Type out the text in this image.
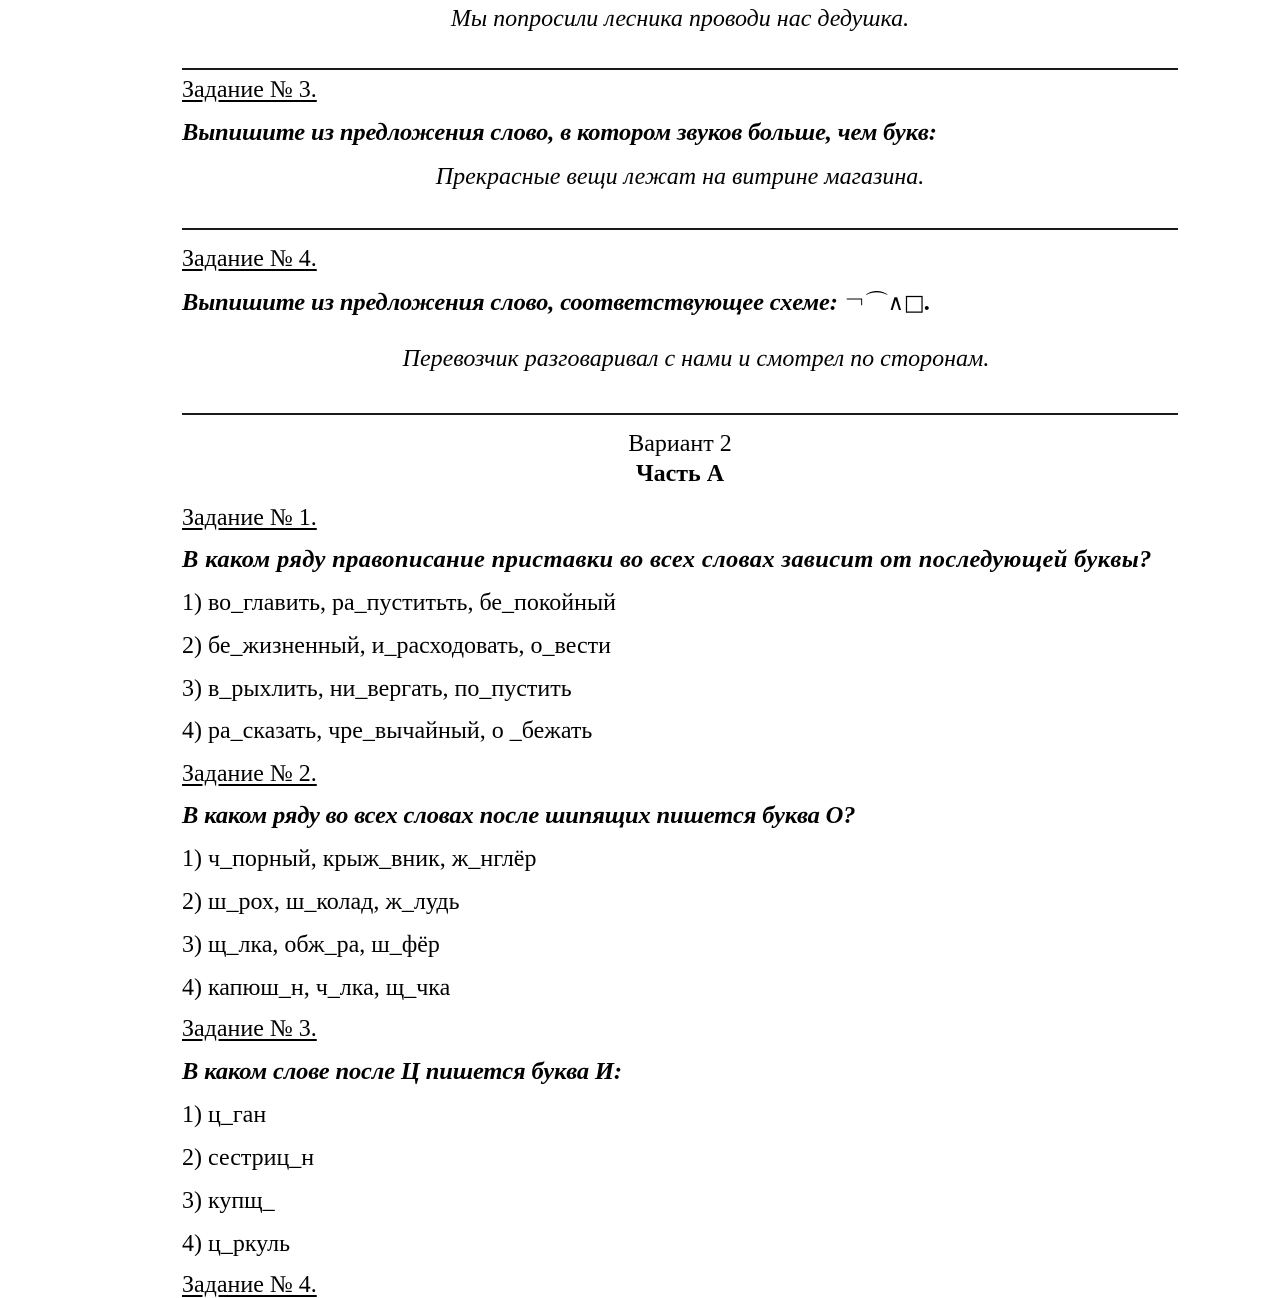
Мы попросили лесника проводи нас дедушка.
Задание № 3.
Выпишите из предложения слово, в котором звуков больше, чем букв:
Прекрасные вещи лежат на витрине магазина.
Задание № 4.
Выпишите из предложения слово, соответствующее схеме: ￢⌒∧□.
Перевозчик разговаривал с нами и смотрел по сторонам.
Вариант 2
Часть А
Задание № 1.
В каком ряду правописание приставки во всех словах зависит от последующей буквы?
1) во_главить, ра_пуститьть, бе_покойный
2) бе_жизненный, и_расходовать, о_вести
3) в_рыхлить, ни_вергать, по_пустить
4) ра_сказать, чре_вычайный, о _бежать
Задание № 2.
В каком ряду во всех словах после шипящих пишется буква О?
1) ч_порный, крыж_вник, ж_нглёр
2) ш_рох, ш_колад, ж_лудь
3) щ_лка, обж_ра, ш_фёр
4) капюш_н, ч_лка, щ_чка
Задание № 3.
В каком слове после Ц пишется буква И:
1) ц_ган
2) сестриц_н
3) купщ_
4) ц_ркуль
Задание № 4.
